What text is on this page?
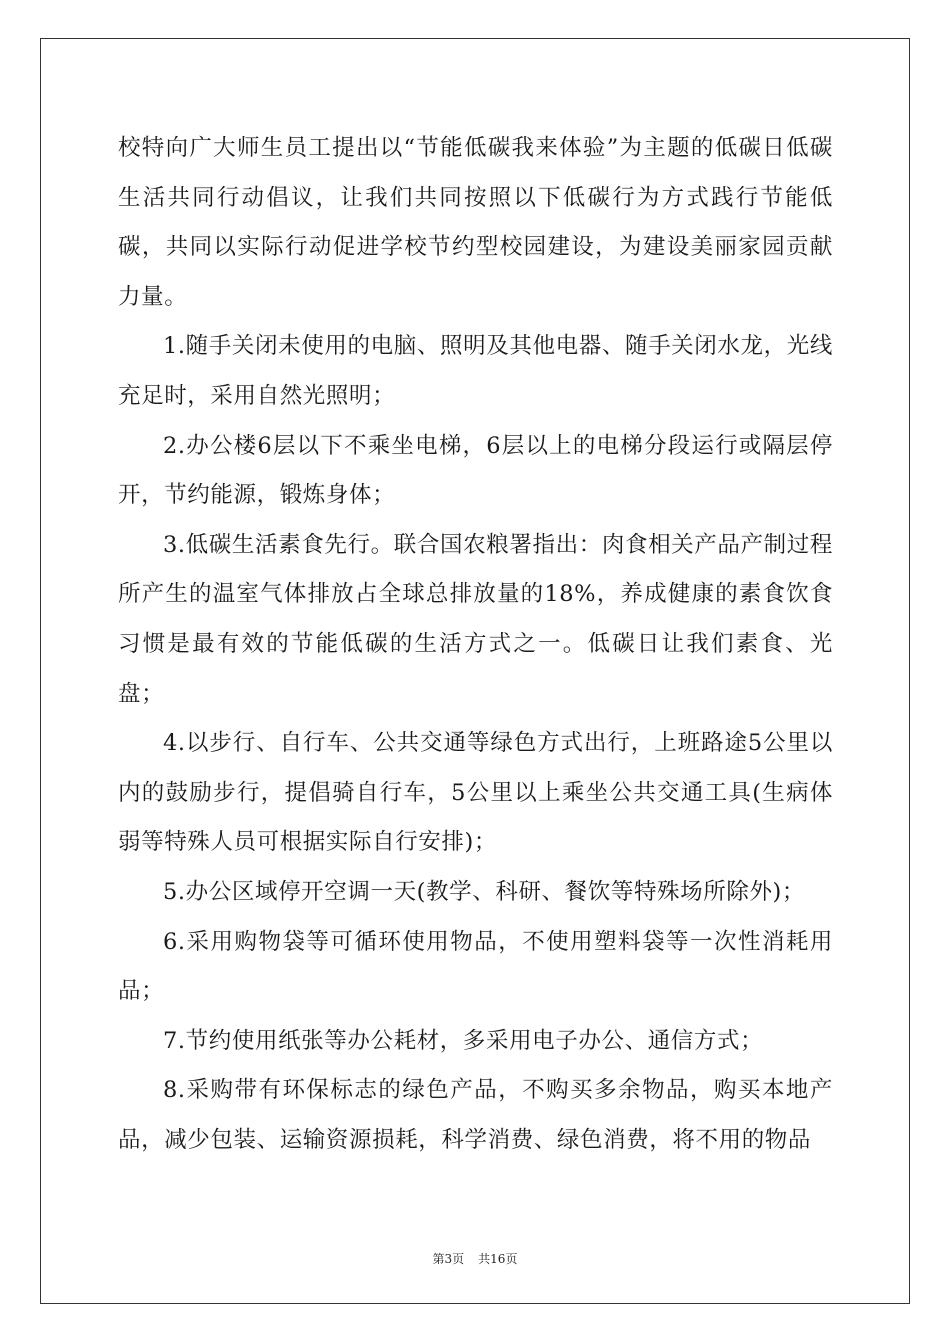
校特向广大师生员工提出以“节能低碳我来体验”为主题的低碳日低碳生活共同行动倡议，让我们共同按照以下低碳行为方式践行节能低碳，共同以实际行动促进学校节约型校园建设，为建设美丽家园贡献力量。

1.随手关闭未使用的电脑、照明及其他电器、随手关闭水龙，光线充足时，采用自然光照明；

2.办公楼6层以下不乘坐电梯，6层以上的电梯分段运行或隔层停开，节约能源，锻炼身体；

3.低碳生活素食先行。联合国农粮署指出：肉食相关产品产制过程所产生的温室气体排放占全球总排放量的18%，养成健康的素食饮食习惯是最有效的节能低碳的生活方式之一。低碳日让我们素食、光盘；

4.以步行、自行车、公共交通等绿色方式出行，上班路途5公里以内的鼓励步行，提倡骑自行车，5公里以上乘坐公共交通工具(生病体弱等特殊人员可根据实际自行安排)；

5.办公区域停开空调一天(教学、科研、餐饮等特殊场所除外)；

6.采用购物袋等可循环使用物品，不使用塑料袋等一次性消耗用品；

7.节约使用纸张等办公耗材，多采用电子办公、通信方式；

8.采购带有环保标志的绿色产品，不购买多余物品，购买本地产品，减少包装、运输资源损耗，科学消费、绿色消费，将不用的物品

第3页 共16页
